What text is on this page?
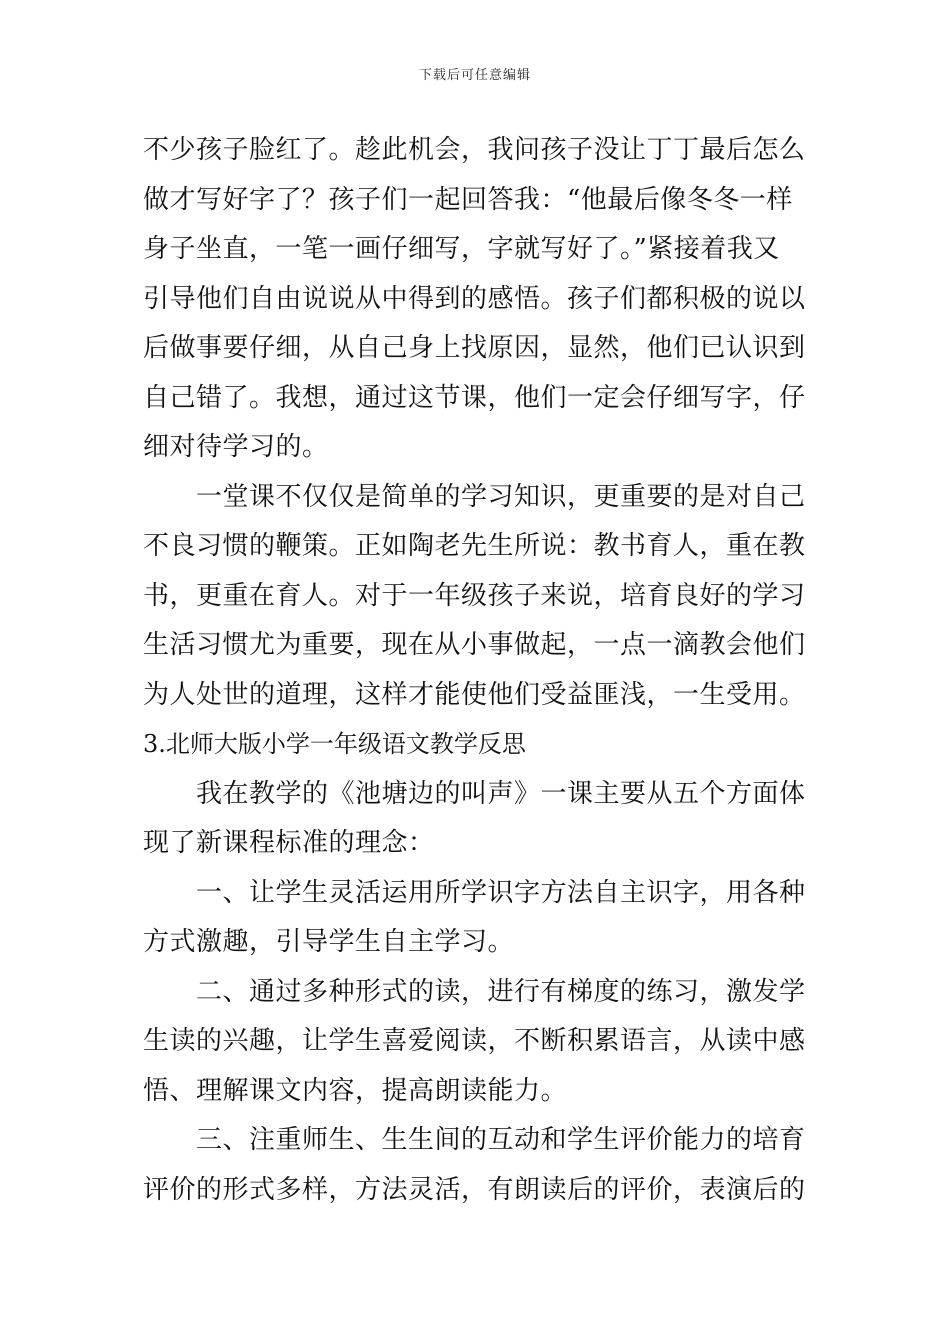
下载后可任意编辑
不少孩子脸红了。趁此机会，我问孩子没让丁丁最后怎么
做才写好字了？孩子们一起回答我：“他最后像冬冬一样
身子坐直，一笔一画仔细写，字就写好了。”紧接着我又
引导他们自由说说从中得到的感悟。孩子们都积极的说以
后做事要仔细，从自己身上找原因，显然，他们已认识到
自己错了。我想，通过这节课，他们一定会仔细写字，仔
细对待学习的。
　　一堂课不仅仅是简单的学习知识，更重要的是对自己
不良习惯的鞭策。正如陶老先生所说：教书育人，重在教
书，更重在育人。对于一年级孩子来说，培育良好的学习
生活习惯尤为重要，现在从小事做起，一点一滴教会他们
为人处世的道理，这样才能使他们受益匪浅，一生受用。
3.北师大版小学一年级语文教学反思
　　我在教学的《池塘边的叫声》一课主要从五个方面体
现了新课程标准的理念：
　　一、让学生灵活运用所学识字方法自主识字，用各种
方式激趣，引导学生自主学习。
　　二、通过多种形式的读，进行有梯度的练习，激发学
生读的兴趣，让学生喜爱阅读，不断积累语言，从读中感
悟、理解课文内容，提高朗读能力。
　　三、注重师生、生生间的互动和学生评价能力的培育
评价的形式多样，方法灵活，有朗读后的评价，表演后的
